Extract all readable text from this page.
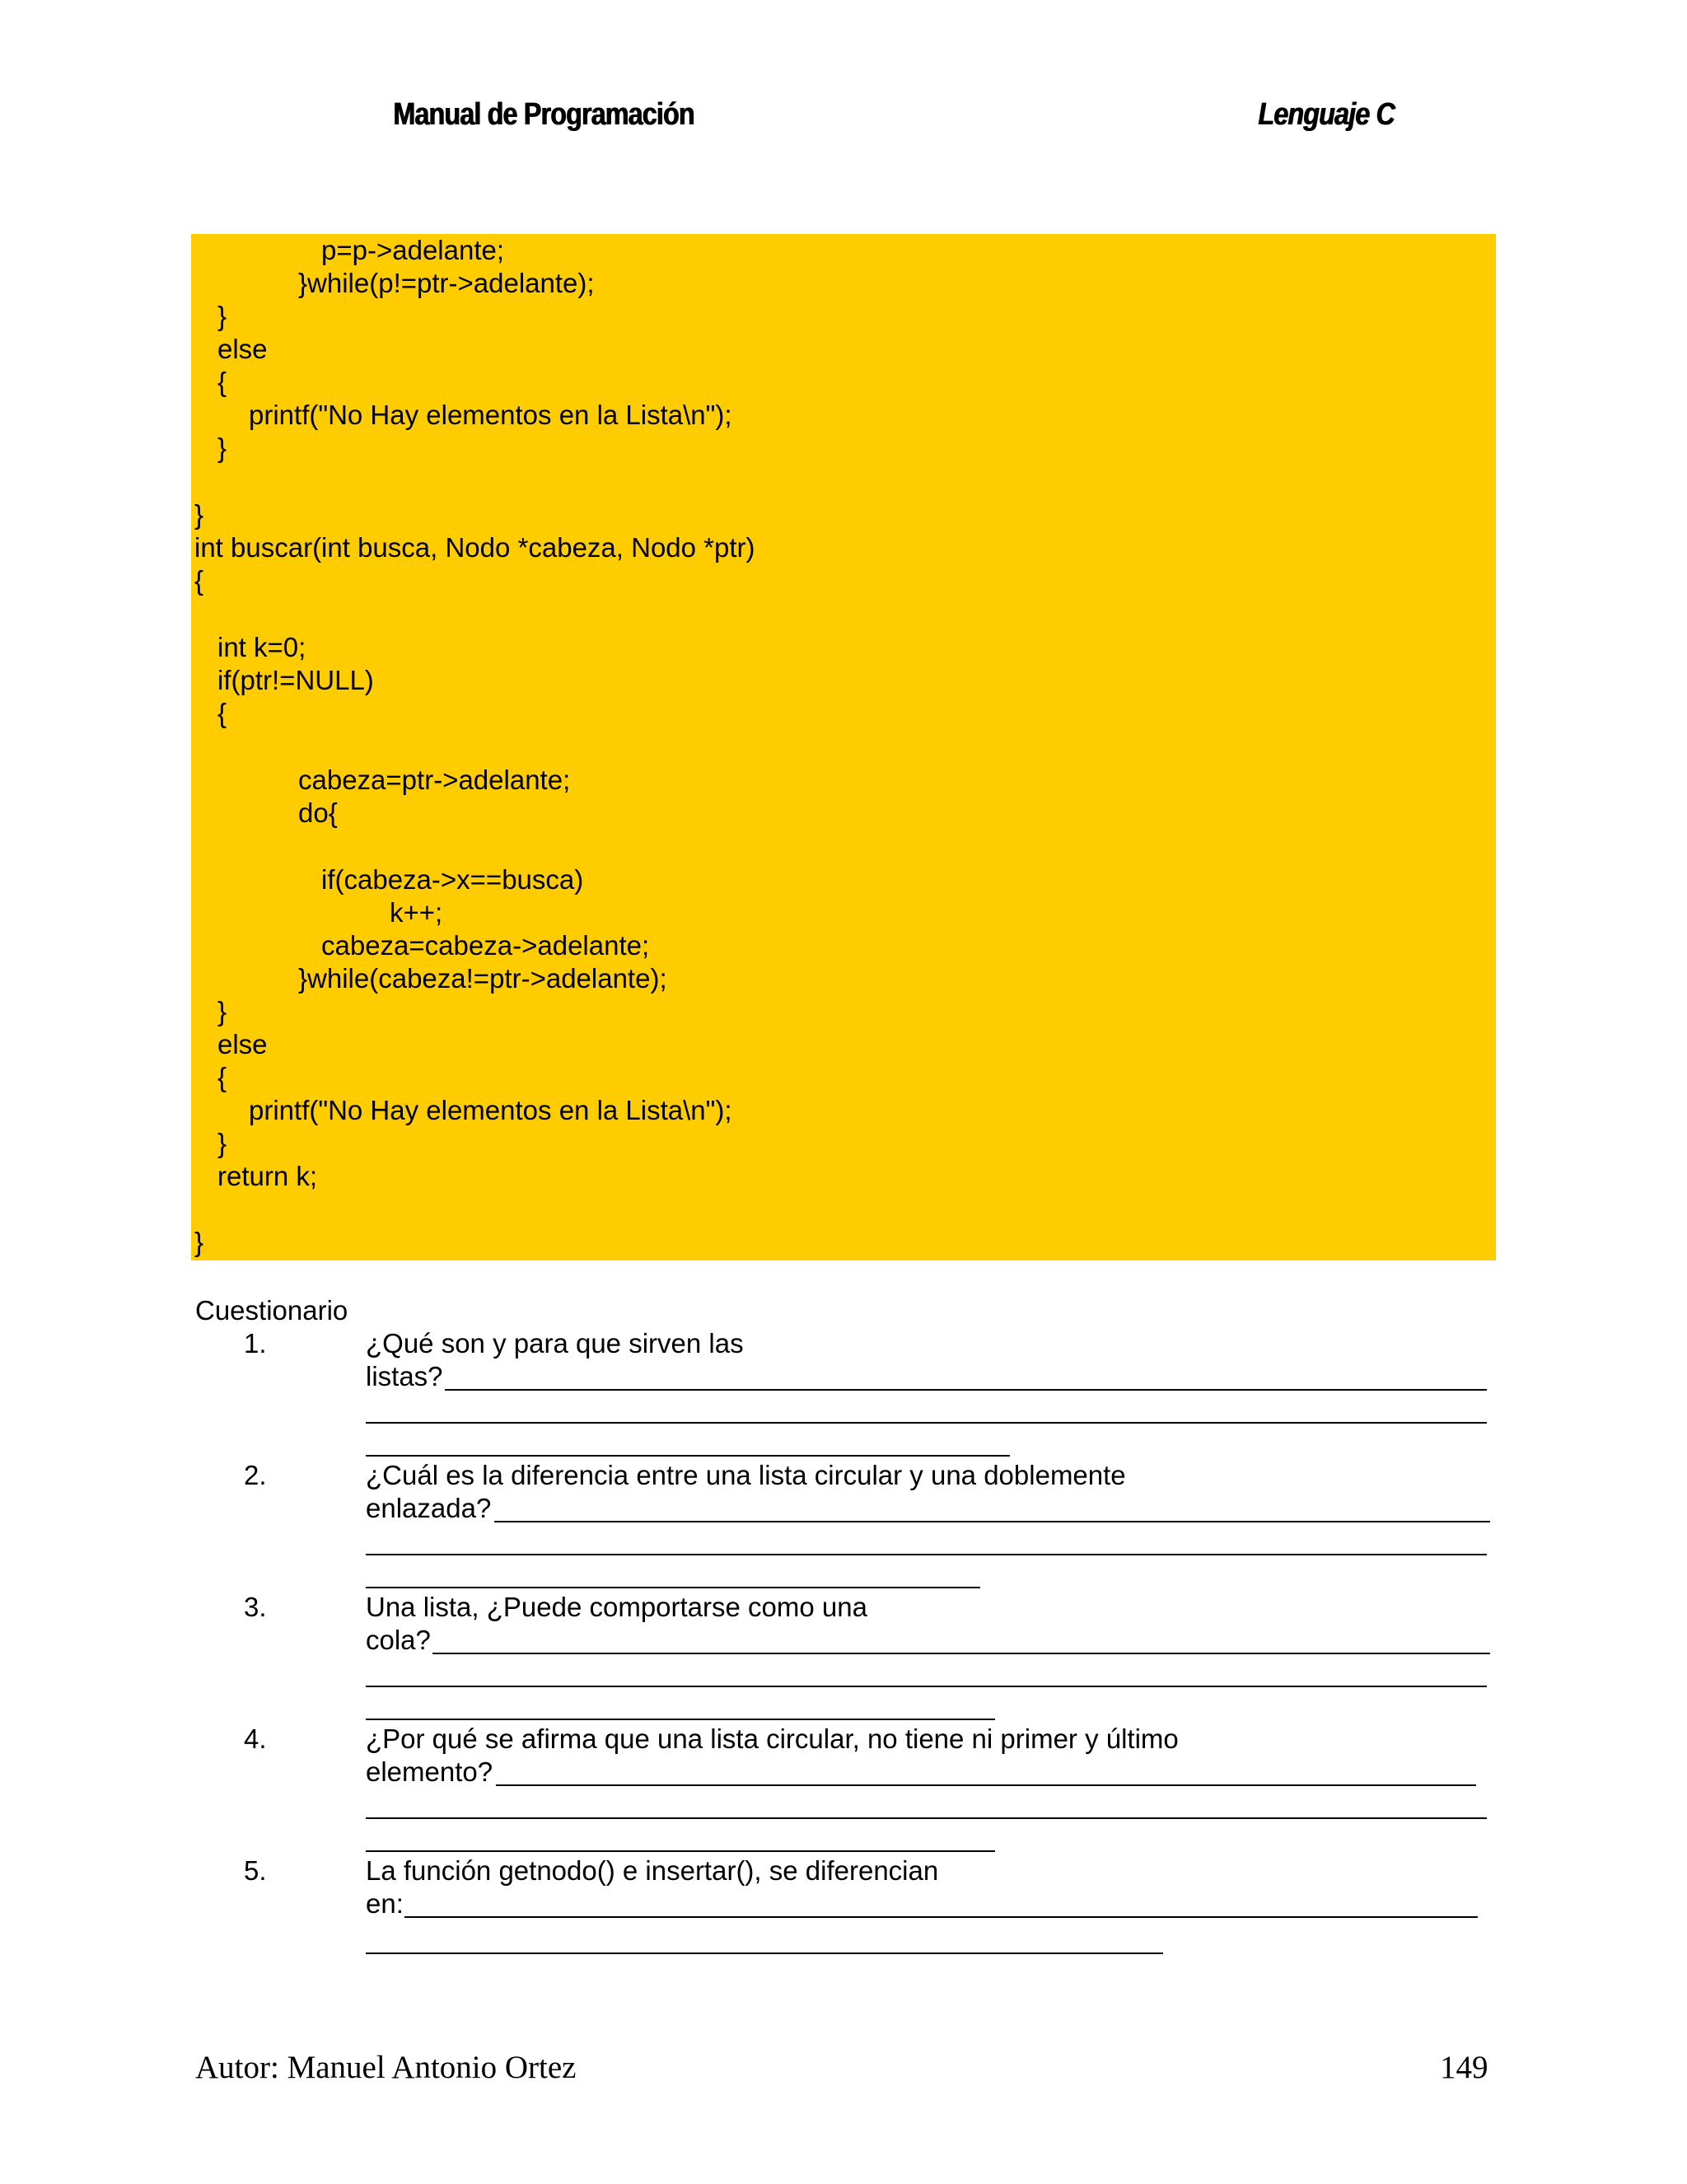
Manual de Programación	Lenguaje C
p=p->adelante;
}while(p!=ptr->adelante);
}
else
{
printf("No Hay elementos en la Lista\n");
}
}
int buscar(int busca, Nodo *cabeza, Nodo *ptr)
{
int k=0;
if(ptr!=NULL)
{
cabeza=ptr->adelante;
do{
if(cabeza->x==busca)
k++;
cabeza=cabeza->adelante;
}while(cabeza!=ptr->adelante);
}
else
{
printf("No Hay elementos en la Lista\n");
}
return k;
}
Cuestionario
1.	¿Qué son y para que sirven las
listas?
2.	¿Cuál es la diferencia entre una lista circular y una doblemente
enlazada?
3.	Una lista, ¿Puede comportarse como una
cola?
4.	¿Por qué se afirma que una lista circular, no tiene ni primer y último
elemento?
5.	La función getnodo() e insertar(), se diferencian
en:
Autor: Manuel Antonio Ortez	149
